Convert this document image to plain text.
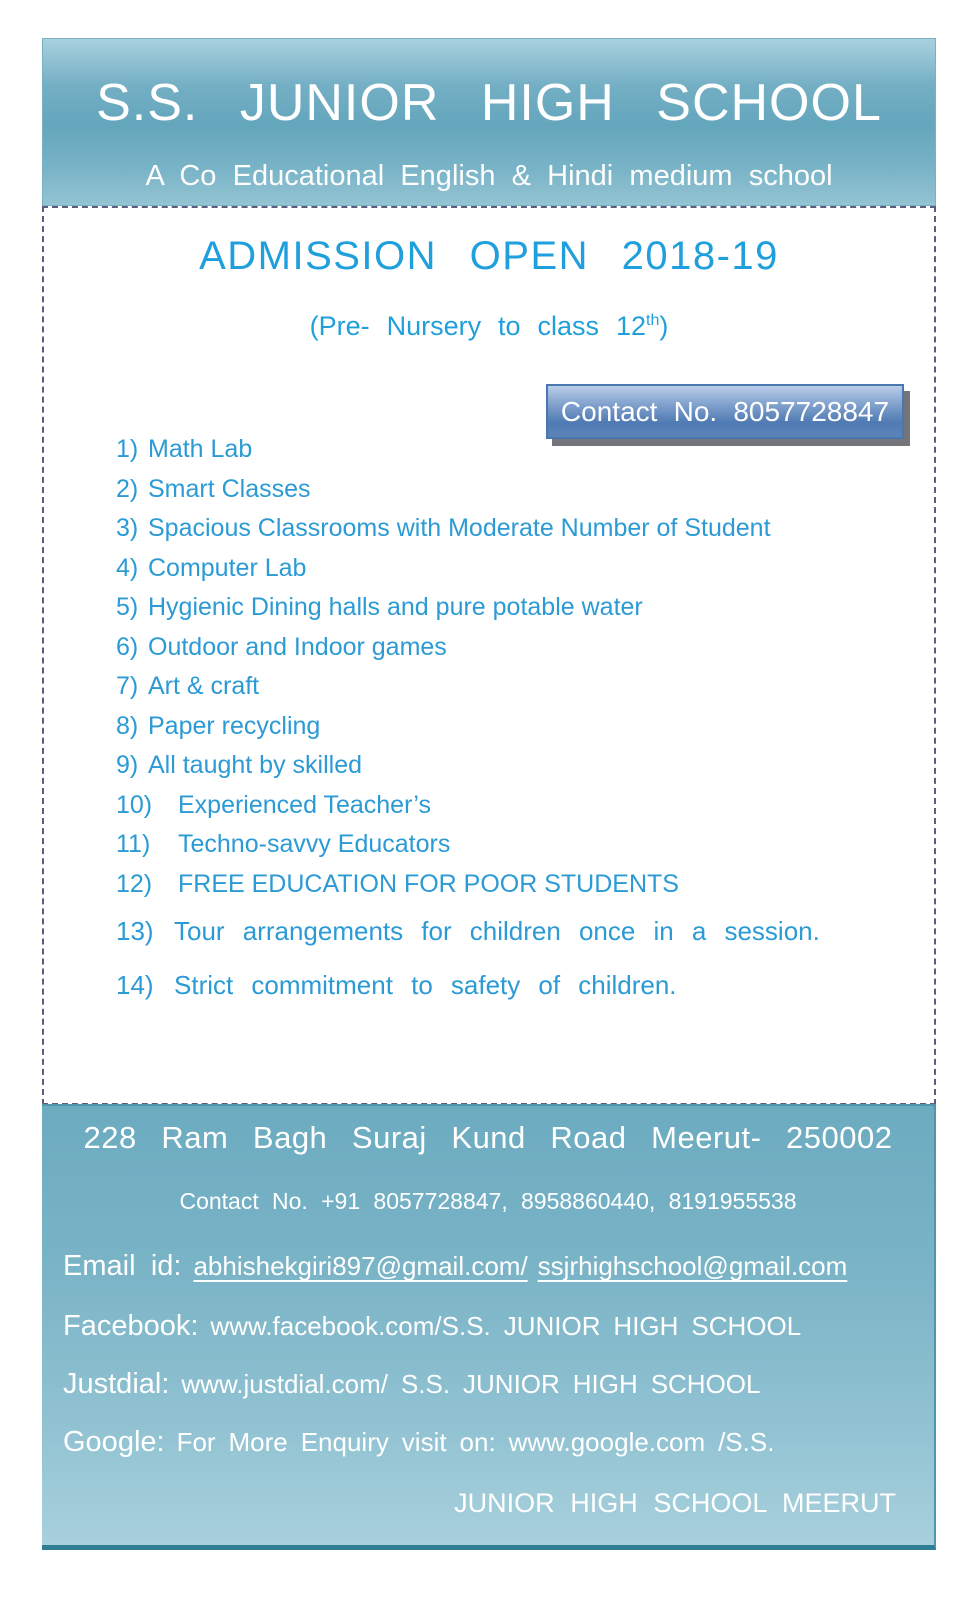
S.S. JUNIOR HIGH SCHOOL
A Co Educational English & Hindi medium school
ADMISSION OPEN 2018-19
(Pre- Nursery to class 12th)
Contact No. 8057728847
1) Math Lab
2) Smart Classes
3) Spacious Classrooms with Moderate Number of Student
4) Computer Lab
5) Hygienic Dining halls and pure potable water
6) Outdoor and Indoor games
7) Art & craft
8) Paper recycling
9) All taught by skilled
10)	Experienced Teacher’s
11)	Techno-savvy Educators
12)	FREE EDUCATION FOR POOR STUDENTS
13) Tour arrangements for children once in a session.
14) Strict commitment to safety of children.
228 Ram Bagh Suraj Kund Road Meerut- 250002
Contact No. +91 8057728847, 8958860440, 8191955538
Email id: abhishekgiri897@gmail.com/ ssjrhighschool@gmail.com
Facebook: www.facebook.com/S.S. JUNIOR HIGH SCHOOL
Justdial: www.justdial.com/ S.S. JUNIOR HIGH SCHOOL
Google: For More Enquiry visit on: www.google.com /S.S.
JUNIOR HIGH SCHOOL MEERUT
